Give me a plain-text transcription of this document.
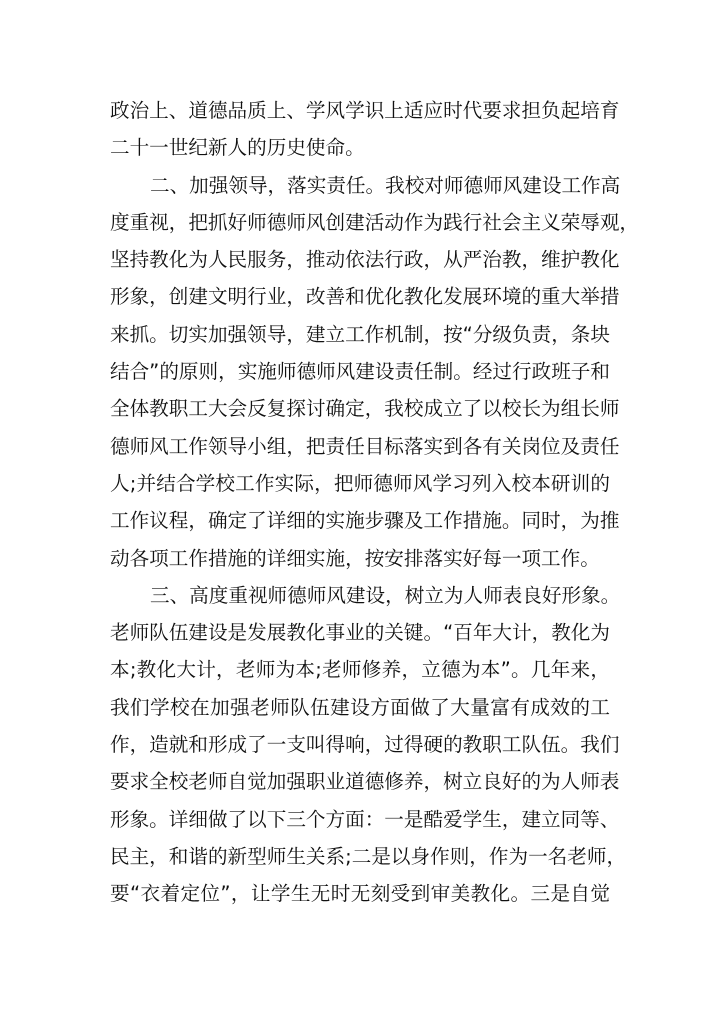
政治上、道德品质上、学风学识上适应时代要求担负起培育
二十一世纪新人的历史使命。
二、加强领导，落实责任。我校对师德师风建设工作高
度重视，把抓好师德师风创建活动作为践行社会主义荣辱观，
坚持教化为人民服务，推动依法行政，从严治教，维护教化
形象，创建文明行业，改善和优化教化发展环境的重大举措
来抓。切实加强领导，建立工作机制，按“分级负责，条块
结合”的原则，实施师德师风建设责任制。经过行政班子和
全体教职工大会反复探讨确定，我校成立了以校长为组长师
德师风工作领导小组，把责任目标落实到各有关岗位及责任
人;并结合学校工作实际，把师德师风学习列入校本研训的
工作议程，确定了详细的实施步骤及工作措施。同时，为推
动各项工作措施的详细实施，按安排落实好每一项工作。
三、高度重视师德师风建设，树立为人师表良好形象。
老师队伍建设是发展教化事业的关键。“百年大计，教化为
本;教化大计，老师为本;老师修养，立德为本”。几年来，
我们学校在加强老师队伍建设方面做了大量富有成效的工
作，造就和形成了一支叫得响，过得硬的教职工队伍。我们
要求全校老师自觉加强职业道德修养，树立良好的为人师表
形象。详细做了以下三个方面：一是酷爱学生，建立同等、
民主，和谐的新型师生关系;二是以身作则，作为一名老师，
要“衣着定位”，让学生无时无刻受到审美教化。三是自觉
